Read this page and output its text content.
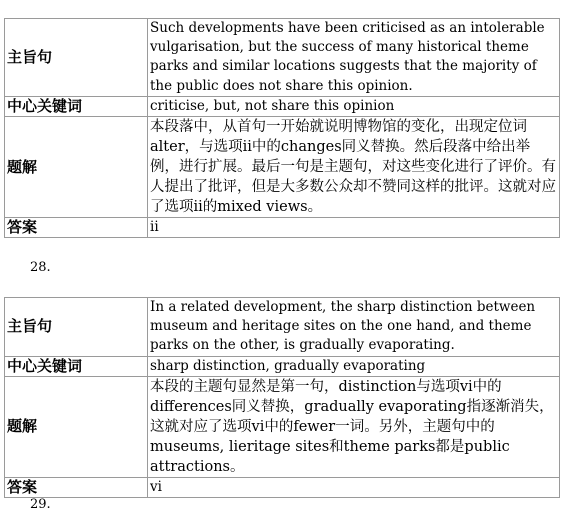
主旨句	Such developments have been criticised as an intolerable vulgarisation, but the success of many historical theme parks and similar locations suggests that the majority of the public does not share this opinion.
中心关键词	criticise, but, not share this opinion
题解	本段落中，从首句一开始就说明博物馆的变化，出现定位词alter，与选项ii中的changes同义替换。然后段落中给出举例，进行扩展。最后一句是主题句，对这些变化进行了评价。有人提出了批评，但是大多数公众却不赞同这样的批评。这就对应了选项ii的mixed views。
答案	ii
28.
主旨句	In a related development, the sharp distinction between museum and heritage sites on the one hand, and theme parks on the other, is gradually evaporating.
中心关键词	sharp distinction, gradually evaporating
题解	本段的主题句显然是第一句，distinction与选项vi中的differences同义替换，gradually evaporating指逐渐消失，这就对应了选项vi中的fewer一词。另外，主题句中的museums, lieritage sites和theme parks都是public attractions。
答案	vi
29.
